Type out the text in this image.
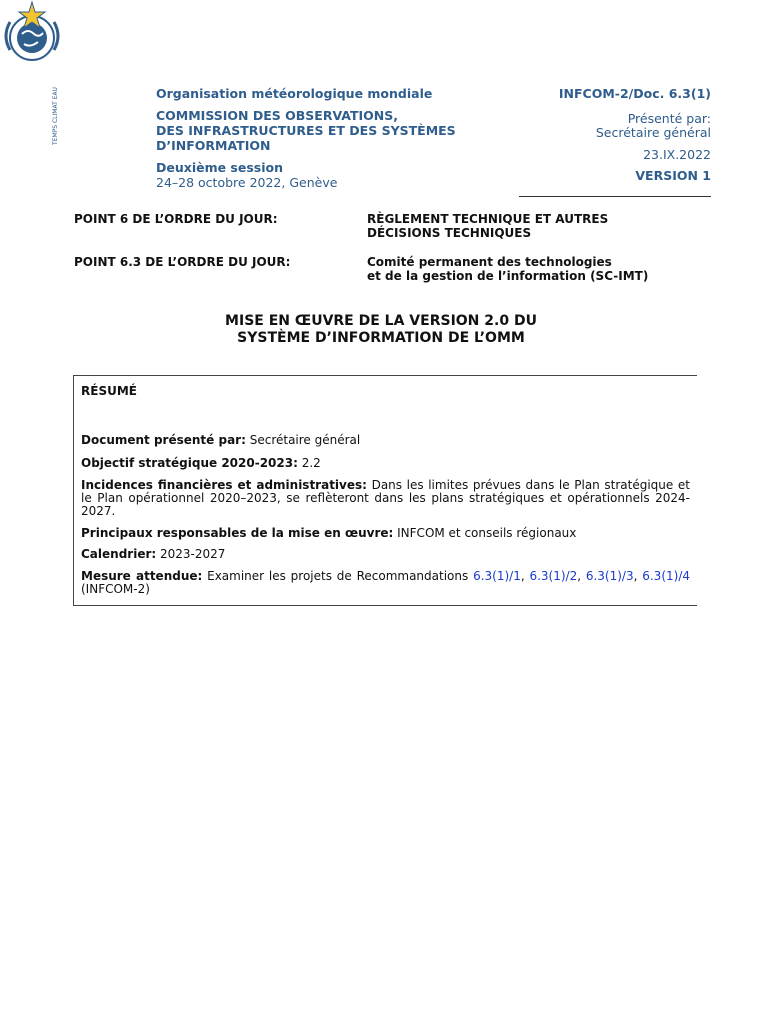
TEMPS CLIMAT EAU	Organisation météorologique mondiale
COMMISSION DES OBSERVATIONS,
DES INFRASTRUCTURES ET DES SYSTÈMES
D’INFORMATION
Deuxième session
24–28 octobre 2022, Genève
INFCOM-2/Doc. 6.3(1)
Présenté par:
Secrétaire général
23.IX.2022
VERSION 1
POINT 6 DE L’ORDRE DU JOUR:	RÈGLEMENT TECHNIQUE ET AUTRES
DÉCISIONS TECHNIQUES
POINT 6.3 DE L’ORDRE DU JOUR:	Comité permanent des technologies
et de la gestion de l’information (SC-IMT)
MISE EN ŒUVRE DE LA VERSION 2.0 DU
SYSTÈME D’INFORMATION DE L’OMM
RÉSUMÉ
Document présenté par: Secrétaire général
Objectif stratégique 2020-2023: 2.2
Incidences financières et administratives: Dans les limites prévues dans le Plan stratégique et le Plan opérationnel 2020–2023, se reflèteront dans les plans stratégiques et opérationnels 2024-2027.
Principaux responsables de la mise en œuvre: INFCOM et conseils régionaux
Calendrier: 2023-2027
Mesure attendue: Examiner les projets de Recommandations 6.3(1)/1, 6.3(1)/2, 6.3(1)/3, 6.3(1)/4 (INFCOM-2)
